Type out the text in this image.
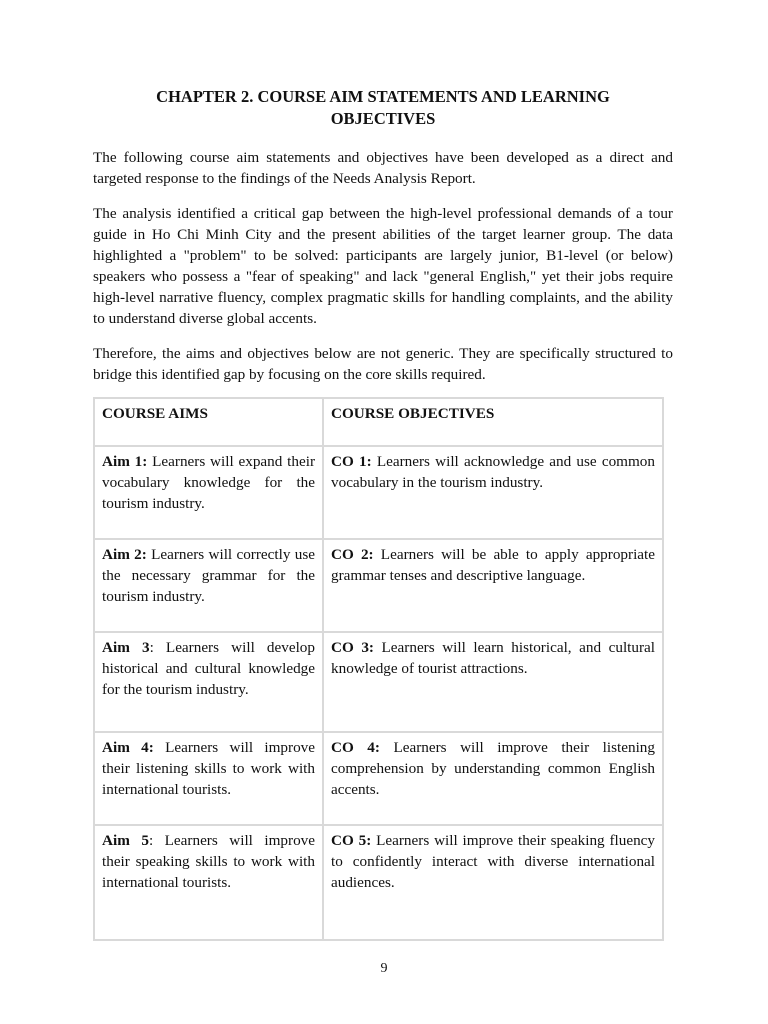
CHAPTER 2. COURSE AIM STATEMENTS AND LEARNING
OBJECTIVES

The following course aim statements and objectives have been developed as a direct and targeted response to the findings of the Needs Analysis Report.

The analysis identified a critical gap between the high-level professional demands of a tour guide in Ho Chi Minh City and the present abilities of the target learner group. The data highlighted a "problem" to be solved: participants are largely junior, B1-level (or below) speakers who possess a "fear of speaking" and lack "general English," yet their jobs require high-level narrative fluency, complex pragmatic skills for handling complaints, and the ability to understand diverse global accents.

Therefore, the aims and objectives below are not generic. They are specifically structured to bridge this identified gap by focusing on the core skills required.

COURSE AIMS	COURSE OBJECTIVES
Aim 1: Learners will expand their vocabulary knowledge for the tourism industry.	CO 1: Learners will acknowledge and use common vocabulary in the tourism industry.
Aim 2: Learners will correctly use the necessary grammar for the tourism industry.	CO 2: Learners will be able to apply appropriate grammar tenses and descriptive language.
Aim 3: Learners will develop historical and cultural knowledge for the tourism industry.	CO 3: Learners will learn historical, and cultural knowledge of tourist attractions.
Aim 4: Learners will improve their listening skills to work with international tourists.	CO 4: Learners will improve their listening comprehension by understanding common English accents.
Aim 5: Learners will improve their speaking skills to work with international tourists.	CO 5: Learners will improve their speaking fluency to confidently interact with diverse international audiences.
9
